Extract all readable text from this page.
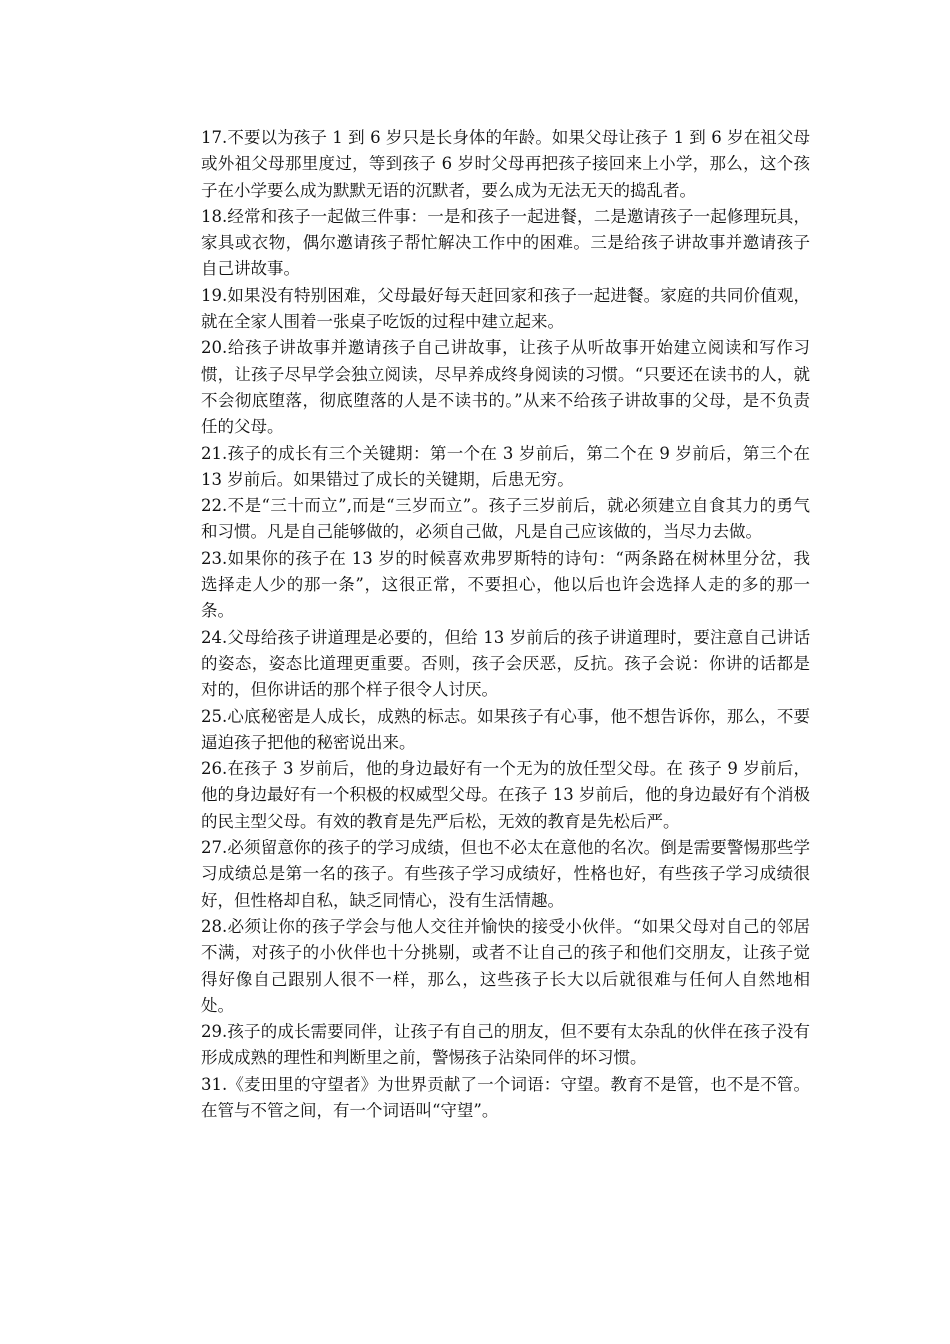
17.不要以为孩子 1 到 6 岁只是长身体的年龄。如果父母让孩子 1 到 6 岁在祖父母或外祖父母那里度过，等到孩子 6 岁时父母再把孩子接回来上小学，那么，这个孩子在小学要么成为默默无语的沉默者，要么成为无法无天的捣乱者。

18.经常和孩子一起做三件事：一是和孩子一起进餐，二是邀请孩子一起修理玩具，家具或衣物，偶尔邀请孩子帮忙解决工作中的困难。三是给孩子讲故事并邀请孩子自己讲故事。

19.如果没有特别困难，父母最好每天赶回家和孩子一起进餐。家庭的共同价值观，就在全家人围着一张桌子吃饭的过程中建立起来。

20.给孩子讲故事并邀请孩子自己讲故事，让孩子从听故事开始建立阅读和写作习惯，让孩子尽早学会独立阅读，尽早养成终身阅读的习惯。“只要还在读书的人，就不会彻底堕落，彻底堕落的人是不读书的。”从来不给孩子讲故事的父母，是不负责任的父母。

21.孩子的成长有三个关键期：第一个在 3 岁前后，第二个在 9 岁前后，第三个在 13 岁前后。如果错过了成长的关键期，后患无穷。

22.不是“三十而立”,而是“三岁而立”。孩子三岁前后，就必须建立自食其力的勇气和习惯。凡是自己能够做的，必须自己做，凡是自己应该做的，当尽力去做。

23.如果你的孩子在 13 岁的时候喜欢弗罗斯特的诗句：“两条路在树林里分岔，我选择走人少的那一条”，这很正常，不要担心，他以后也许会选择人走的多的那一条。

24.父母给孩子讲道理是必要的，但给 13 岁前后的孩子讲道理时，要注意自己讲话的姿态，姿态比道理更重要。否则，孩子会厌恶，反抗。孩子会说：你讲的话都是对的，但你讲话的那个样子很令人讨厌。

25.心底秘密是人成长，成熟的标志。如果孩子有心事，他不想告诉你，那么，不要逼迫孩子把他的秘密说出来。

26.在孩子 3 岁前后，他的身边最好有一个无为的放任型父母。在 孩子 9 岁前后，他的身边最好有一个积极的权威型父母。在孩子 13 岁前后，他的身边最好有个消极的民主型父母。有效的教育是先严后松，无效的教育是先松后严。

27.必须留意你的孩子的学习成绩，但也不必太在意他的名次。倒是需要警惕那些学习成绩总是第一名的孩子。有些孩子学习成绩好，性格也好，有些孩子学习成绩很好，但性格却自私，缺乏同情心，没有生活情趣。

28.必须让你的孩子学会与他人交往并愉快的接受小伙伴。“如果父母对自己的邻居不满，对孩子的小伙伴也十分挑剔，或者不让自己的孩子和他们交朋友，让孩子觉得好像自己跟别人很不一样，那么，这些孩子长大以后就很难与任何人自然地相处。

29.孩子的成长需要同伴，让孩子有自己的朋友，但不要有太杂乱的伙伴在孩子没有形成成熟的理性和判断里之前，警惕孩子沾染同伴的坏习惯。

31.《麦田里的守望者》为世界贡献了一个词语：守望。教育不是管，也不是不管。在管与不管之间，有一个词语叫“守望”。
